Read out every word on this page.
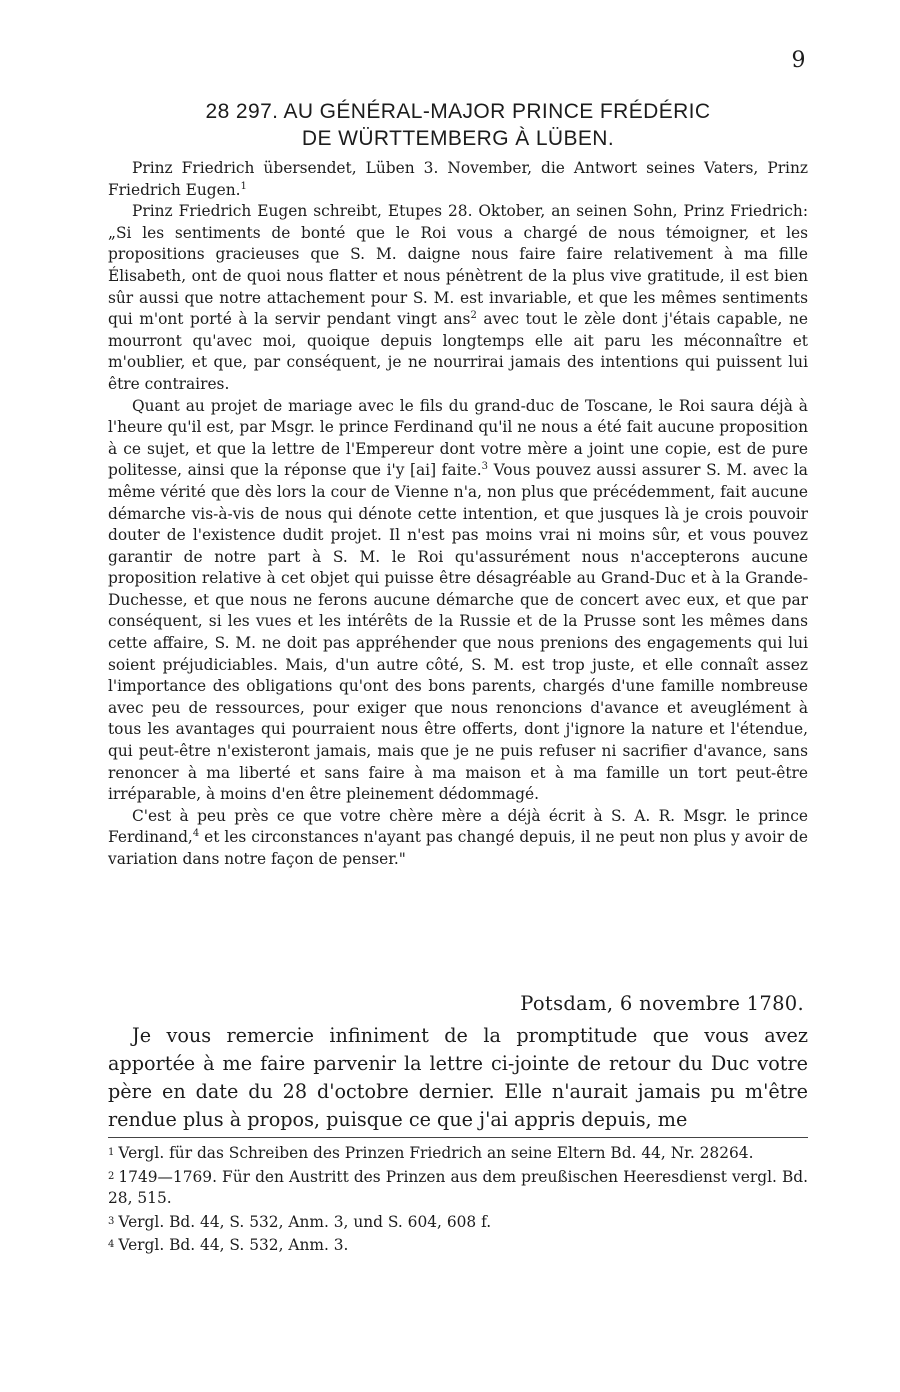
9
28 297. AU GÉNÉRAL-MAJOR PRINCE FRÉDÉRIC
DE WÜRTTEMBERG À LÜBEN.

Prinz Friedrich übersendet, Lüben 3. November, die Antwort seines Vaters, Prinz Friedrich Eugen.$^1$

Prinz Friedrich Eugen schreibt, Etupes 28. Oktober, an seinen Sohn, Prinz Friedrich: „Si les sentiments de bonté que le Roi vous a chargé de nous témoigner, et les propositions gracieuses que S. M. daigne nous faire faire relativement à ma fille Élisabeth, ont de quoi nous flatter et nous pénètrent de la plus vive gratitude, il est bien sûr aussi que notre attachement pour S. M. est invariable, et que les mêmes sentiments qui m'ont porté à la servir pendant vingt ans$^2$ avec tout le zèle dont j'étais capable, ne mourront qu'avec moi, quoique depuis longtemps elle ait paru les méconnaître et m'oublier, et que, par conséquent, je ne nourrirai jamais des intentions qui puissent lui être contraires.

Quant au projet de mariage avec le fils du grand-duc de Toscane, le Roi saura déjà à l'heure qu'il est, par Msgr. le prince Ferdinand qu'il ne nous a été fait aucune proposition à ce sujet, et que la lettre de l'Empereur dont votre mère a joint une copie, est de pure politesse, ainsi que la réponse que i'y [ai] faite.$^3$ Vous pouvez aussi assurer S. M. avec la même vérité que dès lors la cour de Vienne n'a, non plus que précédemment, fait aucune démarche vis-à-vis de nous qui dénote cette intention, et que jusques là je crois pouvoir douter de l'existence dudit projet. Il n'est pas moins vrai ni moins sûr, et vous pouvez garantir de notre part à S. M. le Roi qu'assurément nous n'accepterons aucune proposition relative à cet objet qui puisse être désagréable au Grand-Duc et à la Grande-Duchesse, et que nous ne ferons aucune démarche que de concert avec eux, et que par conséquent, si les vues et les intérêts de la Russie et de la Prusse sont les mêmes dans cette affaire, S. M. ne doit pas appréhender que nous prenions des engagements qui lui soient préjudiciables. Mais, d'un autre côté, S. M. est trop juste, et elle connaît assez l'importance des obligations qu'ont des bons parents, chargés d'une famille nombreuse avec peu de ressources, pour exiger que nous renoncions d'avance et aveuglément à tous les avantages qui pourraient nous être offerts, dont j'ignore la nature et l'étendue, qui peut-être n'existeront jamais, mais que je ne puis refuser ni sacrifier d'avance, sans renoncer à ma liberté et sans faire à ma maison et à ma famille un tort peut-être irréparable, à moins d'en être pleinement dédommagé.

C'est à peu près ce que votre chère mère a déjà écrit à S. A. R. Msgr. le prince Ferdinand,$^4$ et les circonstances n'ayant pas changé depuis, il ne peut non plus y avoir de variation dans notre façon de penser."

Potsdam, 6 novembre 1780.

Je vous remercie infiniment de la promptitude que vous avez apportée à me faire parvenir la lettre ci-jointe de retour du Duc votre père en date du 28 d'octobre dernier. Elle n'aurait jamais pu m'être rendue plus à propos, puisque ce que j'ai appris depuis, me

$^1$ Vergl. für das Schreiben des Prinzen Friedrich an seine Eltern Bd. 44, Nr. 28264.
$^2$ 1749—1769. Für den Austritt des Prinzen aus dem preußischen Heeresdienst vergl. Bd. 28, 515.
$^3$ Vergl. Bd. 44, S. 532, Anm. 3, und S. 604, 608 f.
$^4$ Vergl. Bd. 44, S. 532, Anm. 3.
